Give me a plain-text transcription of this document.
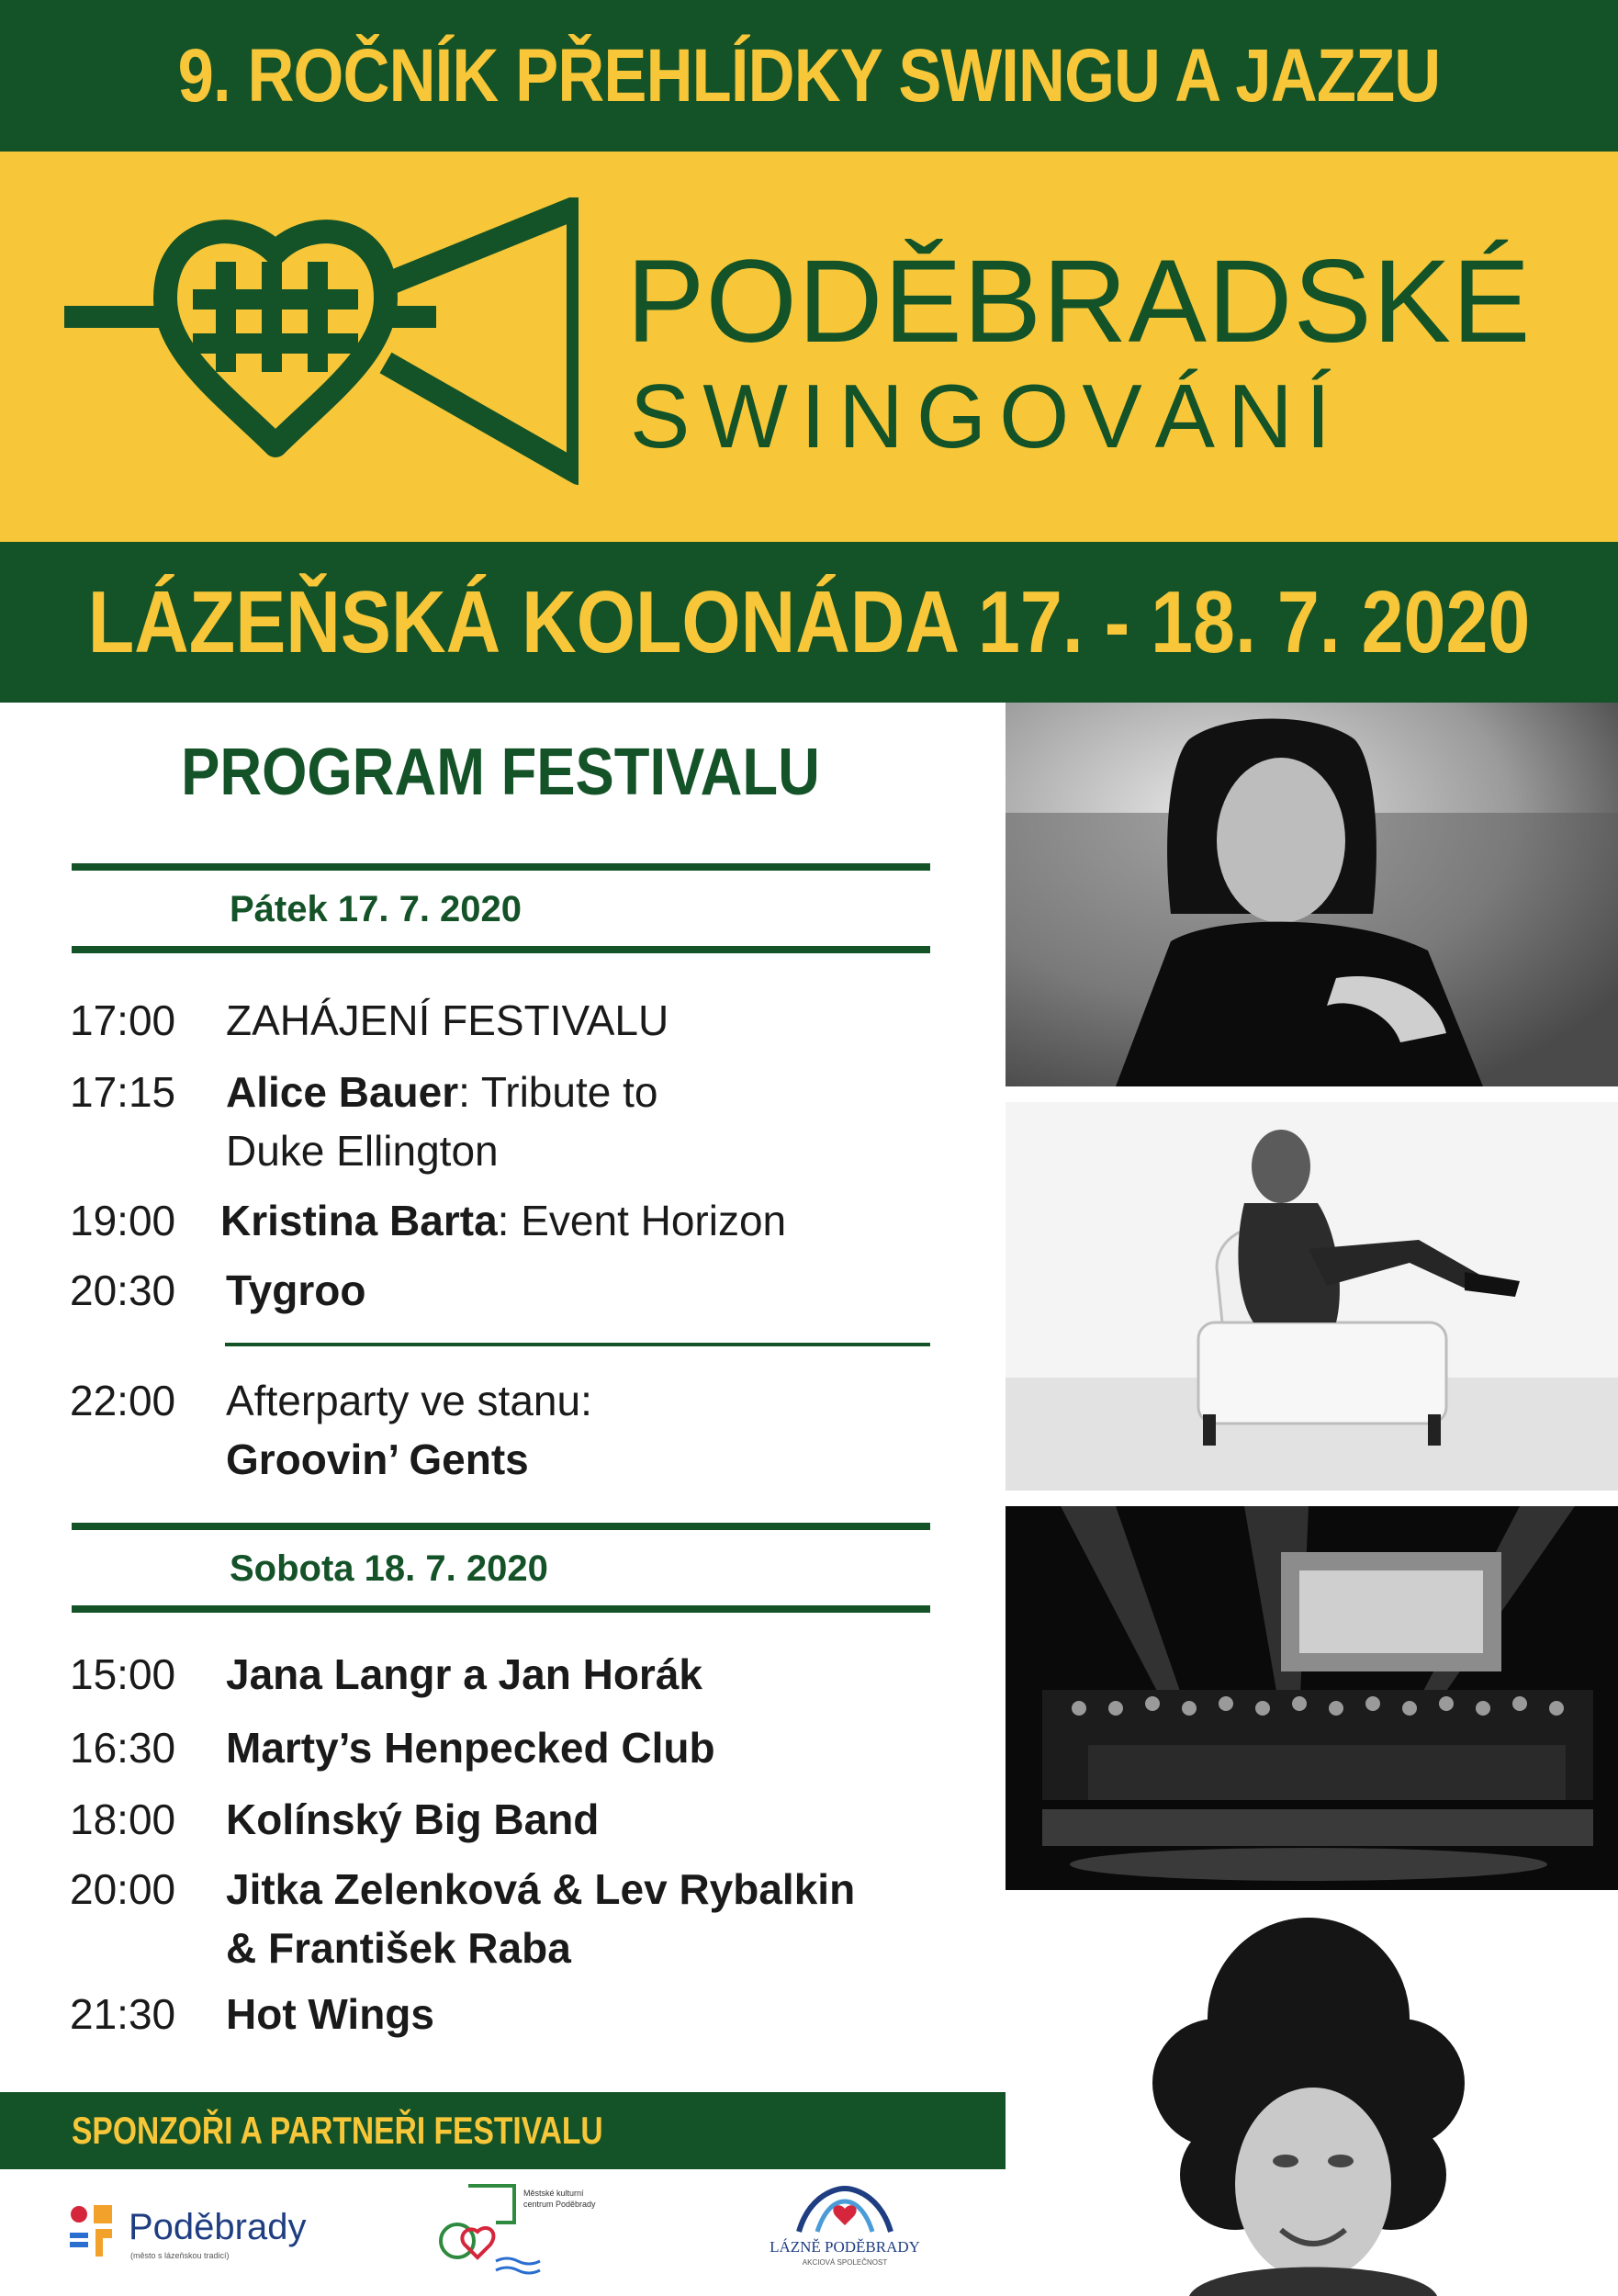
9. ROČNÍK PŘEHLÍDKY SWINGU A JAZZU
PODĚBRADSKÉ
SWINGOVÁNÍ
LÁZEŇSKÁ KOLONÁDA 17. - 18. 7. 2020
PROGRAM FESTIVALU
Pátek 17. 7. 2020
17:00 ZAHÁJENÍ FESTIVALU
17:15 Alice Bauer: Tribute to
Duke Ellington
19:00 Kristina Barta: Event Horizon
20:30 Tygroo
22:00 Afterparty ve stanu:
Groovin’ Gents
Sobota 18. 7. 2020
15:00 Jana Langr a Jan Horák
16:30 Marty’s Henpecked Club
18:00 Kolínský Big Band
20:00 Jitka Zelenková & Lev Rybalkin
& František Raba
21:30 Hot Wings
SPONZOŘI A PARTNEŘI FESTIVALU
Poděbrady
(město s lázeňskou tradicí)
Městské kulturní centrum Poděbrady
LÁZNĚ PODĚBRADY
AKCIOVÁ SPOLEČNOST
